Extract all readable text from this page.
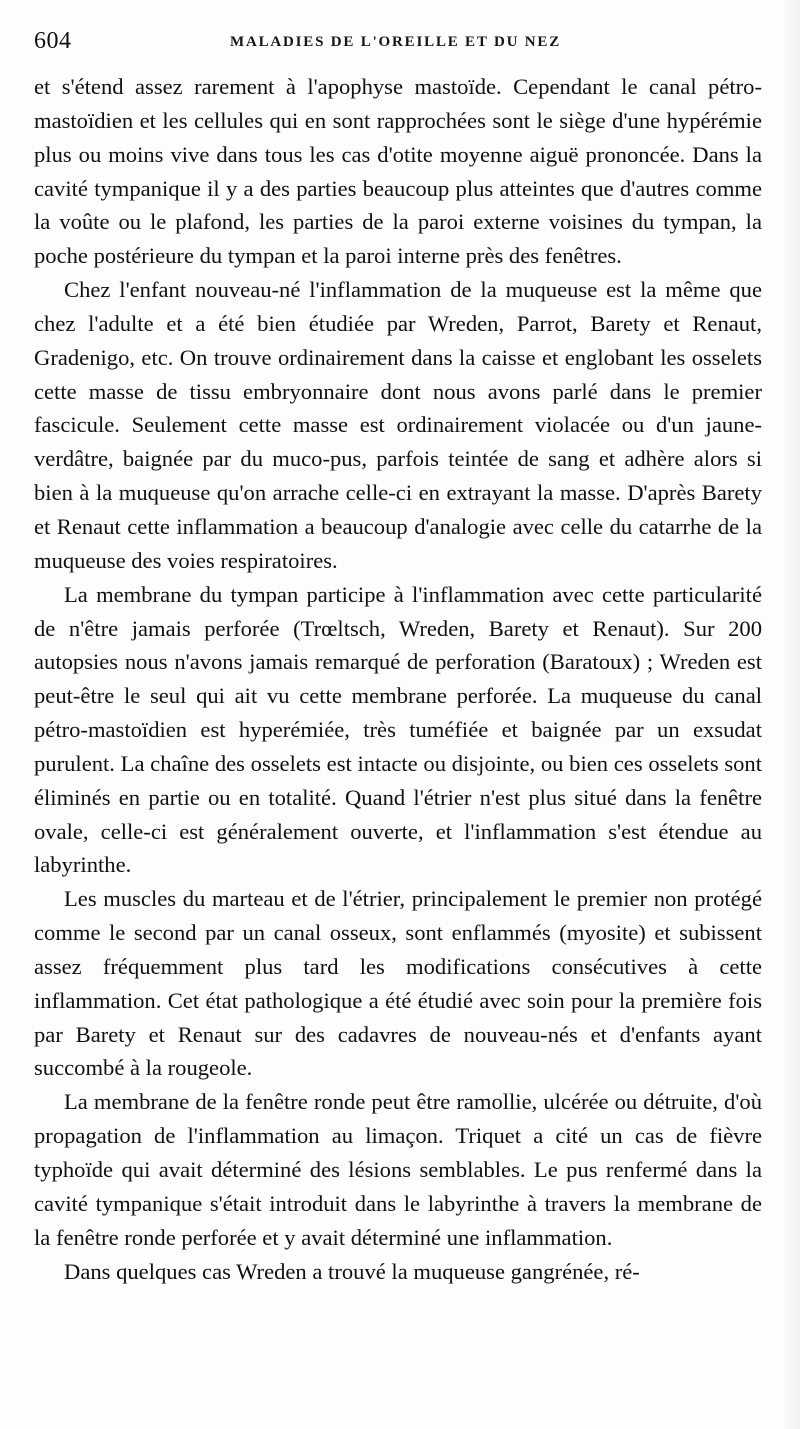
604	MALADIES DE L'OREILLE ET DU NEZ

et s'étend assez rarement à l'apophyse mastoïde. Cependant le canal pétro-mastoïdien et les cellules qui en sont rapprochées sont le siège d'une hypérémie plus ou moins vive dans tous les cas d'otite moyenne aiguë prononcée. Dans la cavité tympanique il y a des parties beaucoup plus atteintes que d'autres comme la voûte ou le plafond, les parties de la paroi externe voisines du tympan, la poche postérieure du tympan et la paroi interne près des fenêtres.

Chez l'enfant nouveau-né l'inflammation de la muqueuse est la même que chez l'adulte et a été bien étudiée par Wreden, Parrot, Barety et Renaut, Gradenigo, etc. On trouve ordinairement dans la caisse et englobant les osselets cette masse de tissu embryonnaire dont nous avons parlé dans le premier fascicule. Seulement cette masse est ordinairement violacée ou d'un jaune-verdâtre, baignée par du muco-pus, parfois teintée de sang et adhère alors si bien à la muqueuse qu'on arrache celle-ci en extrayant la masse. D'après Barety et Renaut cette inflammation a beaucoup d'analogie avec celle du catarrhe de la muqueuse des voies respiratoires.

La membrane du tympan participe à l'inflammation avec cette particularité de n'être jamais perforée (Trœltsch, Wreden, Barety et Renaut). Sur 200 autopsies nous n'avons jamais remarqué de perforation (Baratoux) ; Wreden est peut-être le seul qui ait vu cette membrane perforée. La muqueuse du canal pétro-mastoïdien est hyperémiée, très tuméfiée et baignée par un exsudat purulent. La chaîne des osselets est intacte ou disjointe, ou bien ces osselets sont éliminés en partie ou en totalité. Quand l'étrier n'est plus situé dans la fenêtre ovale, celle-ci est généralement ouverte, et l'inflammation s'est étendue au labyrinthe.

Les muscles du marteau et de l'étrier, principalement le premier non protégé comme le second par un canal osseux, sont enflammés (myosite) et subissent assez fréquemment plus tard les modifications consécutives à cette inflammation. Cet état pathologique a été étudié avec soin pour la première fois par Barety et Renaut sur des cadavres de nouveau-nés et d'enfants ayant succombé à la rougeole.

La membrane de la fenêtre ronde peut être ramollie, ulcérée ou détruite, d'où propagation de l'inflammation au limaçon. Triquet a cité un cas de fièvre typhoïde qui avait déterminé des lésions semblables. Le pus renfermé dans la cavité tympanique s'était introduit dans le labyrinthe à travers la membrane de la fenêtre ronde perforée et y avait déterminé une inflammation.

Dans quelques cas Wreden a trouvé la muqueuse gangrénée, ré-
